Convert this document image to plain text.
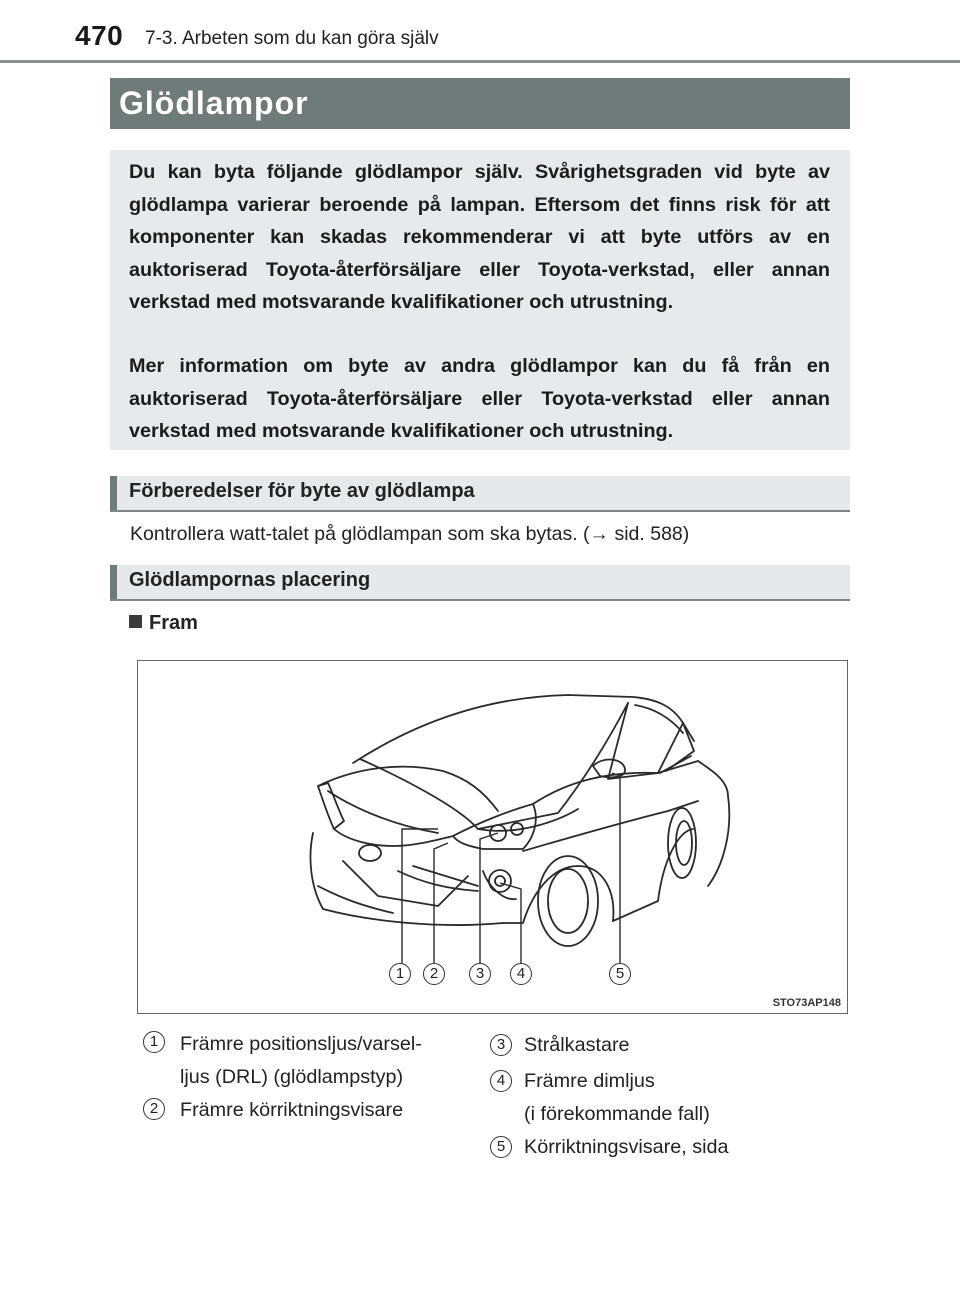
470 7-3. Arbeten som du kan göra själv
Glödlampor

Du kan byta följande glödlampor själv. Svårighetsgraden vid byte av glödlampa varierar beroende på lampan. Eftersom det finns risk för att komponenter kan skadas rekommenderar vi att byte utförs av en auktoriserad Toyota-återförsäljare eller Toyota-verkstad, eller annan verkstad med motsvarande kvalifikationer och utrustning.

Mer information om byte av andra glödlampor kan du få från en auktoriserad Toyota-återförsäljare eller Toyota-verkstad eller annan verkstad med motsvarande kvalifikationer och utrustning.

Förberedelser för byte av glödlampa
Kontrollera watt-talet på glödlampan som ska bytas. (→ sid. 588)
Glödlampornas placering
Fram
1	2	3	4	5
STO73AP148
1	Främre positionsljus/varsel-
ljus (DRL) (glödlampstyp)
2	Främre körriktningsvisare
3 Strålkastare
4 Främre dimljus
(i förekommande fall)
5 Körriktningsvisare, sida
